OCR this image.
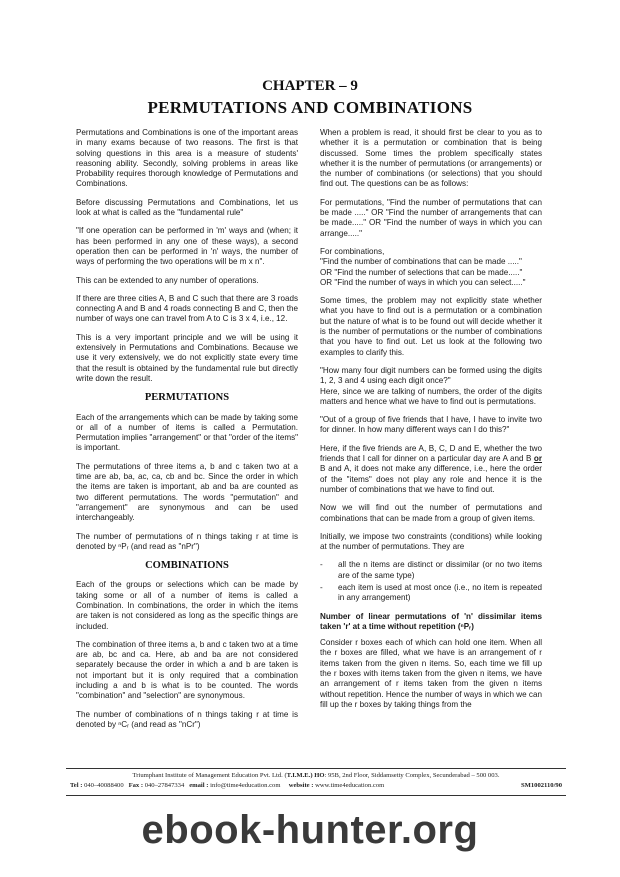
CHAPTER – 9
PERMUTATIONS AND COMBINATIONS

Permutations and Combinations is one of the important areas in many exams because of two reasons. The first is that solving questions in this area is a measure of students' reasoning ability. Secondly, solving problems in areas like Probability requires thorough knowledge of Permutations and Combinations.

Before discussing Permutations and Combinations, let us look at what is called as the "fundamental rule"

"If one operation can be performed in 'm' ways and (when; it has been performed in any one of these ways), a second operation then can be performed in 'n' ways, the number of ways of performing the two operations will be m x n".

This can be extended to any number of operations.

If there are three cities A, B and C such that there are 3 roads connecting A and B and 4 roads connecting B and C, then the number of ways one can travel from A to C is 3 x 4, i.e., 12.

This is a very important principle and we will be using it extensively in Permutations and Combinations. Because we use it very extensively, we do not explicitly state every time that the result is obtained by the fundamental rule but directly write down the result.

PERMUTATIONS

Each of the arrangements which can be made by taking some or all of a number of items is called a Permutation. Permutation implies "arrangement" or that "order of the items" is important.

The permutations of three items a, b and c taken two at a time are ab, ba, ac, ca, cb and bc. Since the order in which the items are taken is important, ab and ba are counted as two different permutations. The words "permutation" and "arrangement" are synonymous and can be used interchangeably.

The number of permutations of n things taking r at time is denoted by ⁿPᵣ (and read as "nPr")

COMBINATIONS

Each of the groups or selections which can be made by taking some or all of a number of items is called a Combination. In combinations, the order in which the items are taken is not considered as long as the specific things are included.

The combination of three items a, b and c taken two at a time are ab, bc and ca. Here, ab and ba are not considered separately because the order in which a and b are taken is not important but it is only required that a combination including a and b is what is to be counted. The words "combination" and "selection" are synonymous.

The number of combinations of n things taking r at time is denoted by ⁿCᵣ (and read as "nCr")

When a problem is read, it should first be clear to you as to whether it is a permutation or combination that is being discussed. Some times the problem specifically states whether it is the number of permutations (or arrangements) or the number of combinations (or selections) that you should find out. The questions can be as follows:

For permutations, "Find the number of permutations that can be made ....." OR "Find the number of arrangements that can be made....." OR "Find the number of ways in which you can arrange....."

For combinations,
"Find the number of combinations that can be made ....."
OR "Find the number of selections that can be made....."
OR "Find the number of ways in which you can select....."

Some times, the problem may not explicitly state whether what you have to find out is a permutation or a combination but the nature of what is to be found out will decide whether it is the number of permutations or the number of combinations that you have to find out. Let us look at the following two examples to clarify this.

"How many four digit numbers can be formed using the digits 1, 2, 3 and 4 using each digit once?"
Here, since we are talking of numbers, the order of the digits matters and hence what we have to find out is permutations.

"Out of a group of five friends that I have, I have to invite two for dinner. In how many different ways can I do this?"

Here, if the five friends are A, B, C, D and E, whether the two friends that I call for dinner on a particular day are A and B or B and A, it does not make any difference, i.e., here the order of the "items" does not play any role and hence it is the number of combinations that we have to find out.

Now we will find out the number of permutations and combinations that can be made from a group of given items.

Initially, we impose two constraints (conditions) while looking at the number of permutations. They are

- all the n items are distinct or dissimilar (or no two items are of the same type)
- each item is used at most once (i.e., no item is repeated in any arrangement)
Number of linear permutations of 'n' dissimilar items taken 'r' at a time without repetition (ⁿPᵣ)

Consider r boxes each of which can hold one item. When all the r boxes are filled, what we have is an arrangement of r items taken from the given n items. So, each time we fill up the r boxes with items taken from the given n items, we have an arrangement of r items taken from the given n items without repetition. Hence the number of ways in which we can fill up the r boxes by taking things from the

Triumphant Institute of Management Education Pvt. Ltd. (T.I.M.E.) HO: 95B, 2nd Floor, Siddamsetty Complex, Secunderabad – 500 003.
Tel : 040–40088400 Fax : 040–27847334 email : info@time4education.com website : www.time4education.com	SM1002110/90
ebook-hunter.org
